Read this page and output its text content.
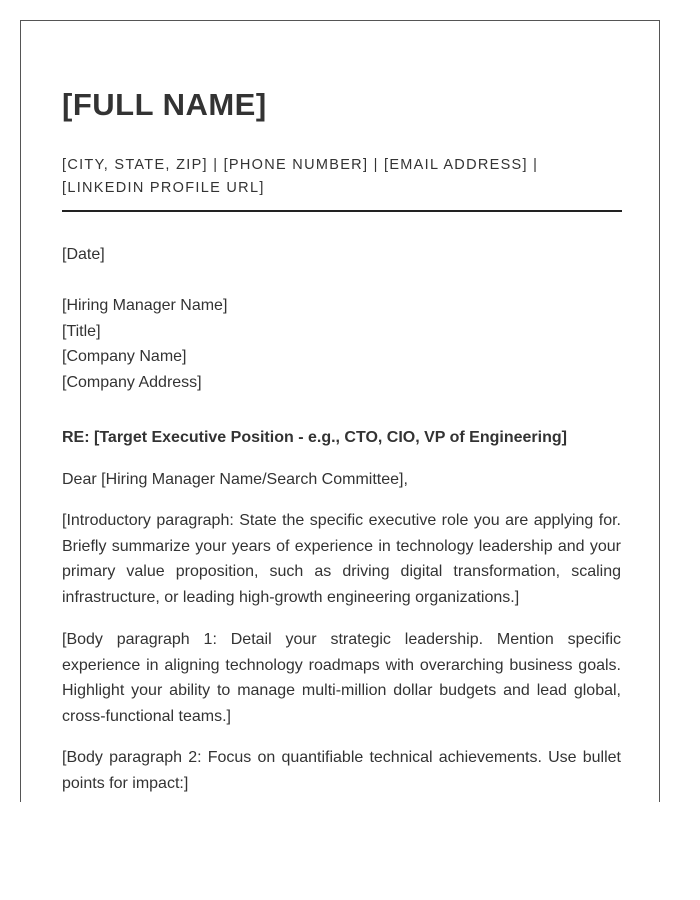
[FULL NAME]
[CITY, STATE, ZIP] | [PHONE NUMBER] | [EMAIL ADDRESS] | [LINKEDIN PROFILE URL]
[Date]
[Hiring Manager Name]
[Title]
[Company Name]
[Company Address]
RE: [Target Executive Position - e.g., CTO, CIO, VP of Engineering]
Dear [Hiring Manager Name/Search Committee],

[Introductory paragraph: State the specific executive role you are applying for. Briefly summarize your years of experience in technology leadership and your primary value proposition, such as driving digital transformation, scaling infrastructure, or leading high-growth engineering organizations.]

[Body paragraph 1: Detail your strategic leadership. Mention specific experience in aligning technology roadmaps with overarching business goals. Highlight your ability to manage multi-million dollar budgets and lead global, cross-functional teams.]

[Body paragraph 2: Focus on quantifiable technical achievements. Use bullet points for impact:]
